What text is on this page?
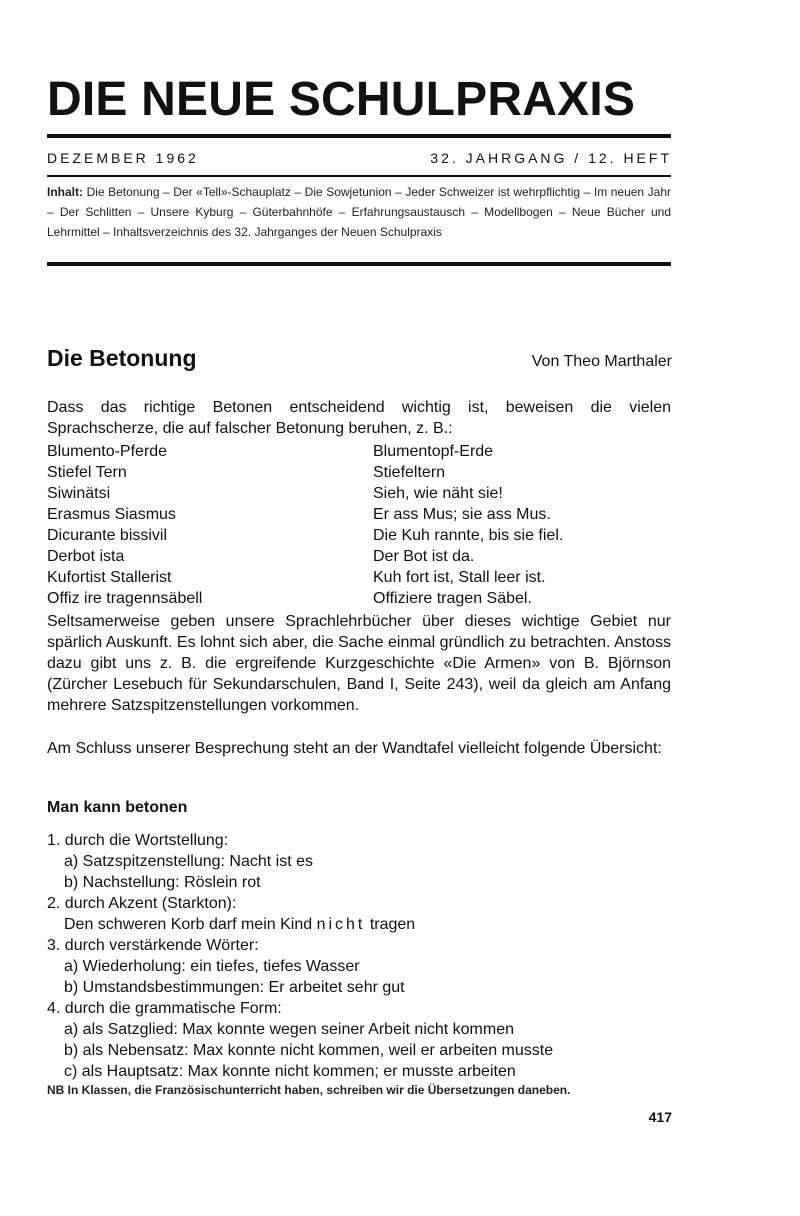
DIE NEUE SCHULPRAXIS
DEZEMBER 1962	32. JAHRGANG / 12. HEFT
Inhalt: Die Betonung – Der «Tell»-Schauplatz – Die Sowjetunion – Jeder Schweizer ist wehrpflichtig – Im neuen Jahr – Der Schlitten – Unsere Kyburg – Güterbahnhöfe – Erfahrungsaustausch – Modellbogen – Neue Bücher und Lehrmittel – Inhaltsverzeichnis des 32. Jahrganges der Neuen Schulpraxis
Die Betonung	Von Theo Marthaler
Dass das richtige Betonen entscheidend wichtig ist, beweisen die vielen Sprachscherze, die auf falscher Betonung beruhen, z. B.:
Blumento-Pferde	Blumentopf-Erde
Stiefel Tern	Stiefeltern
Siwinätsi	Sieh, wie näht sie!
Erasmus Siasmus	Er ass Mus; sie ass Mus.
Dicurante bissivil	Die Kuh rannte, bis sie fiel.
Derbot ista	Der Bot ist da.
Kufortist Stallerist	Kuh fort ist, Stall leer ist.
Offiz ire tragennsäbell	Offiziere tragen Säbel.
Seltsamerweise geben unsere Sprachlehrbücher über dieses wichtige Gebiet nur spärlich Auskunft. Es lohnt sich aber, die Sache einmal gründlich zu betrachten. Anstoss dazu gibt uns z. B. die ergreifende Kurzgeschichte «Die Armen» von B. Björnson (Zürcher Lesebuch für Sekundarschulen, Band I, Seite 243), weil da gleich am Anfang mehrere Satzspitzenstellungen vorkommen.
Am Schluss unserer Besprechung steht an der Wandtafel vielleicht folgende Übersicht:
Man kann betonen
1. durch die Wortstellung:
a) Satzspitzenstellung: Nacht ist es
b) Nachstellung: Röslein rot
2. durch Akzent (Starkton):
Den schweren Korb darf mein Kind nicht tragen
3. durch verstärkende Wörter:
a) Wiederholung: ein tiefes, tiefes Wasser
b) Umstandsbestimmungen: Er arbeitet sehr gut
4. durch die grammatische Form:
a) als Satzglied: Max konnte wegen seiner Arbeit nicht kommen
b) als Nebensatz: Max konnte nicht kommen, weil er arbeiten musste
c) als Hauptsatz: Max konnte nicht kommen; er musste arbeiten
NB In Klassen, die Französischunterricht haben, schreiben wir die Übersetzungen daneben.
417
